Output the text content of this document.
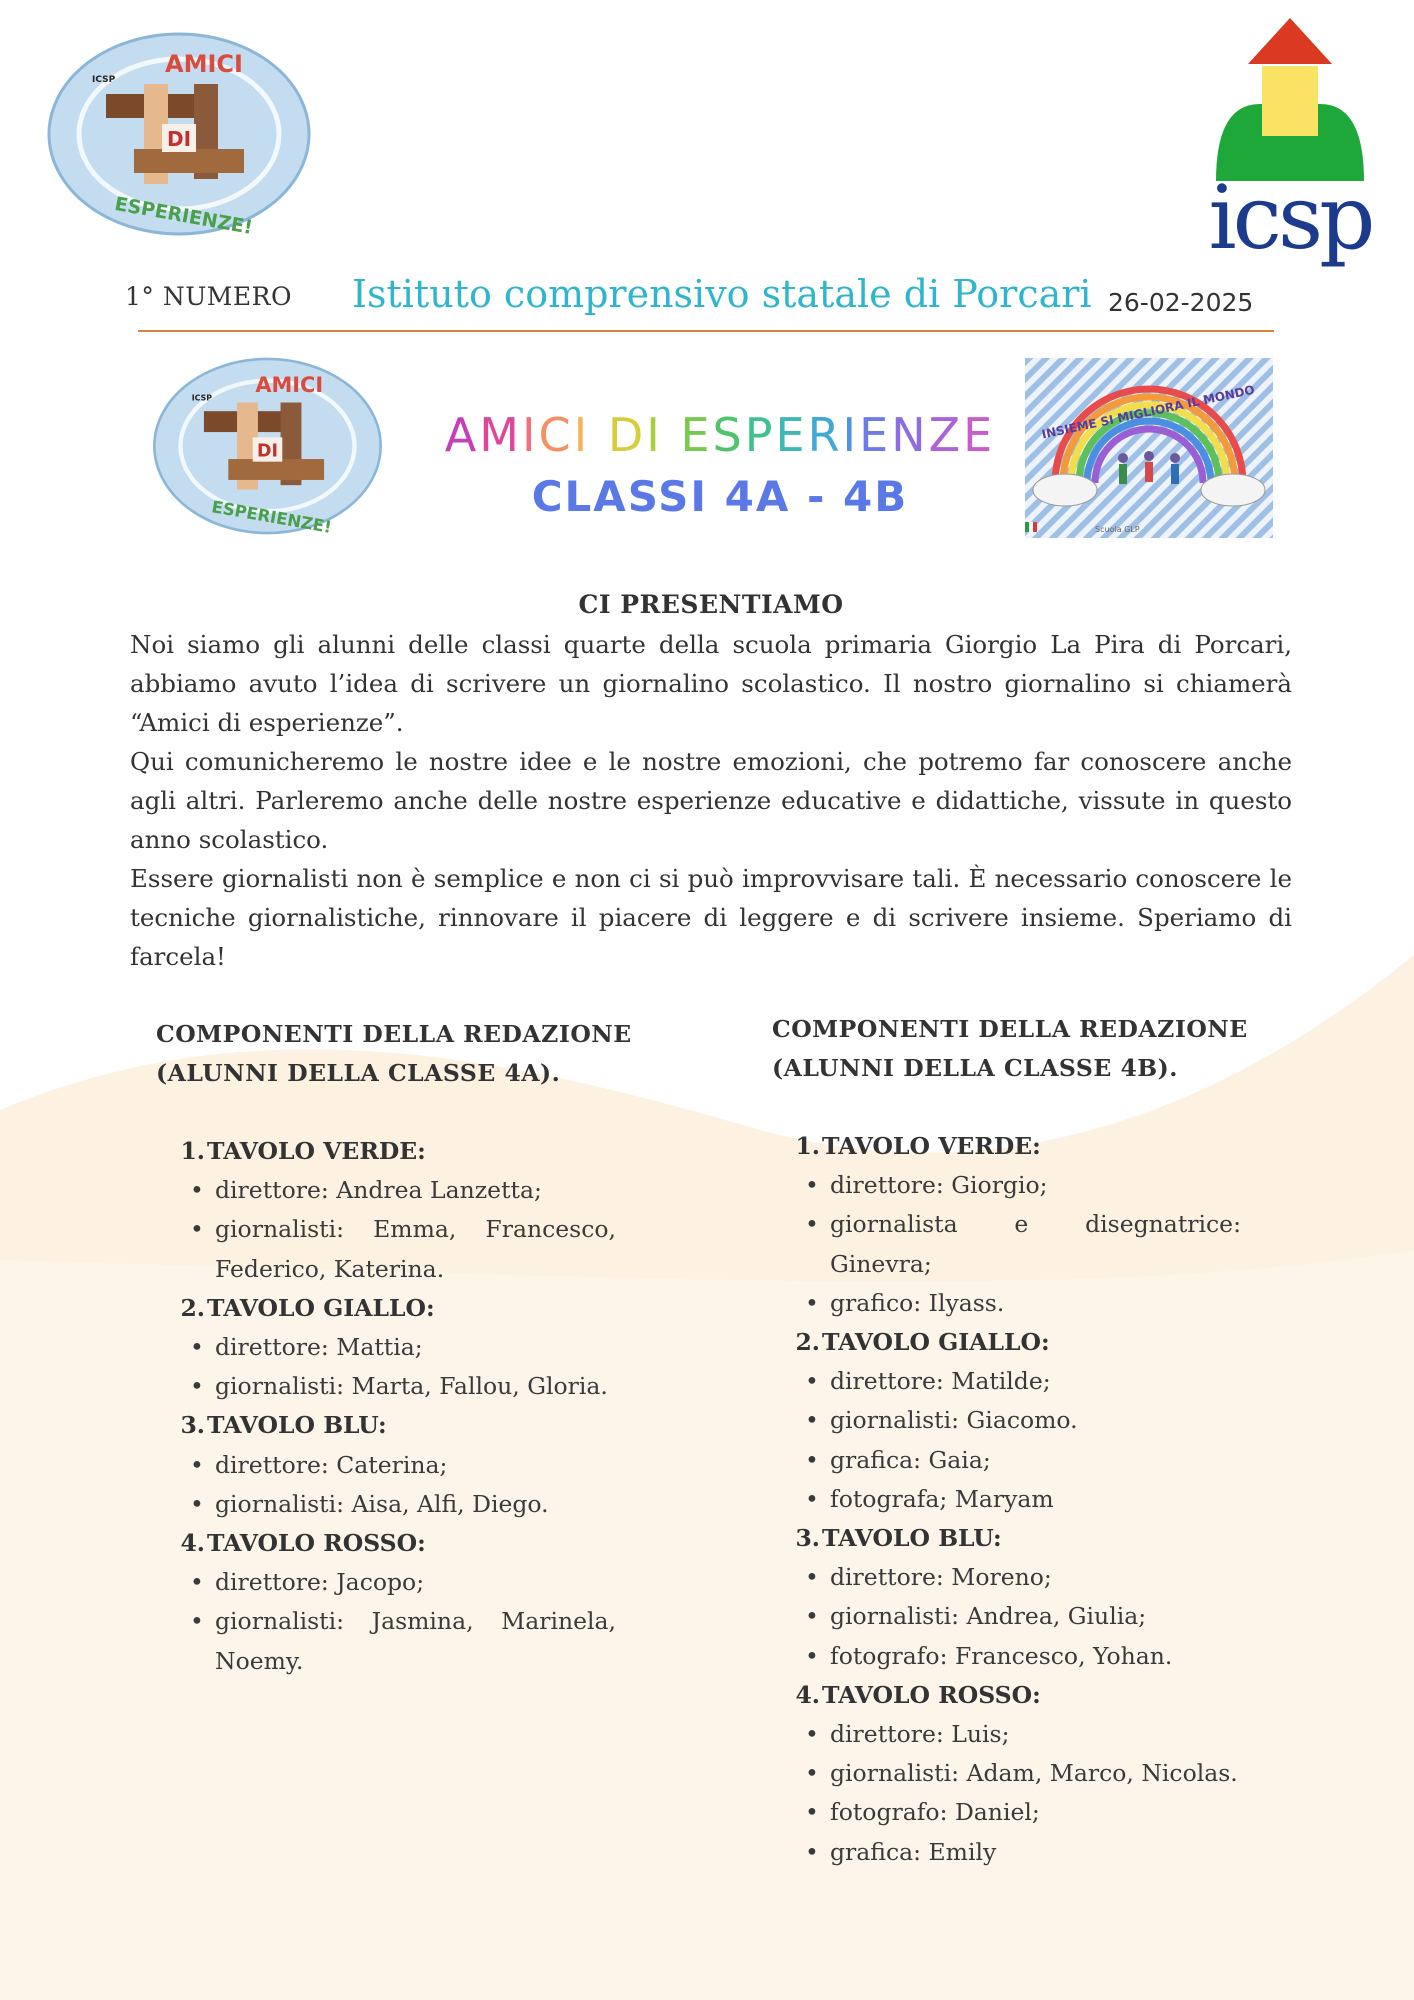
DI
AMICI
ESPERIENZE!
ICSP
icsp
1° NUMERO Istituto comprensivo statale di Porcari 26-02-2025
DI
AMICI
ESPERIENZE!
ICSP
AMICI DI ESPERIENZE
CLASSI 4A - 4B
INSIEME SI MIGLIORA IL MONDO
Scuola GLP
CI PRESENTIAMO

Noi siamo gli alunni delle classi quarte della scuola primaria Giorgio La Pira di Porcari, abbiamo avuto l’idea di scrivere un giornalino scolastico. Il nostro giornalino si chiamerà “Amici di esperienze”.

Qui comunicheremo le nostre idee e le nostre emozioni, che potremo far conoscere anche agli altri. Parleremo anche delle nostre esperienze educative e didattiche, vissute in questo anno scolastico.

Essere giornalisti non è semplice e non ci si può improvvisare tali. È necessario conoscere le tecniche giornalistiche, rinnovare il piacere di leggere e di scrivere insieme. Speriamo di farcela!

COMPONENTI DELLA REDAZIONE
(ALUNNI DELLA CLASSE 4A).
COMPONENTI DELLA REDAZIONE
(ALUNNI DELLA CLASSE 4B).
1. TAVOLO VERDE:
• direttore: Andrea Lanzetta;
• giornalisti: Emma, Francesco, Federico, Katerina.
2. TAVOLO GIALLO:
• direttore: Mattia;
• giornalisti: Marta, Fallou, Gloria.
3. TAVOLO BLU:
• direttore: Caterina;
• giornalisti: Aisa, Alfi, Diego.
4. TAVOLO ROSSO:
• direttore: Jacopo;
• giornalisti: Jasmina, Marinela, Noemy.
1. TAVOLO VERDE:
• direttore: Giorgio;
• giornalista e disegnatrice: Ginevra;
• grafico: Ilyass.
2. TAVOLO GIALLO:
• direttore: Matilde;
• giornalisti: Giacomo.
• grafica: Gaia;
• fotografa; Maryam
3. TAVOLO BLU:
• direttore: Moreno;
• giornalisti: Andrea, Giulia;
• fotografo: Francesco, Yohan.
4. TAVOLO ROSSO:
• direttore: Luis;
• giornalisti: Adam, Marco, Nicolas.
• fotografo: Daniel;
• grafica: Emily
